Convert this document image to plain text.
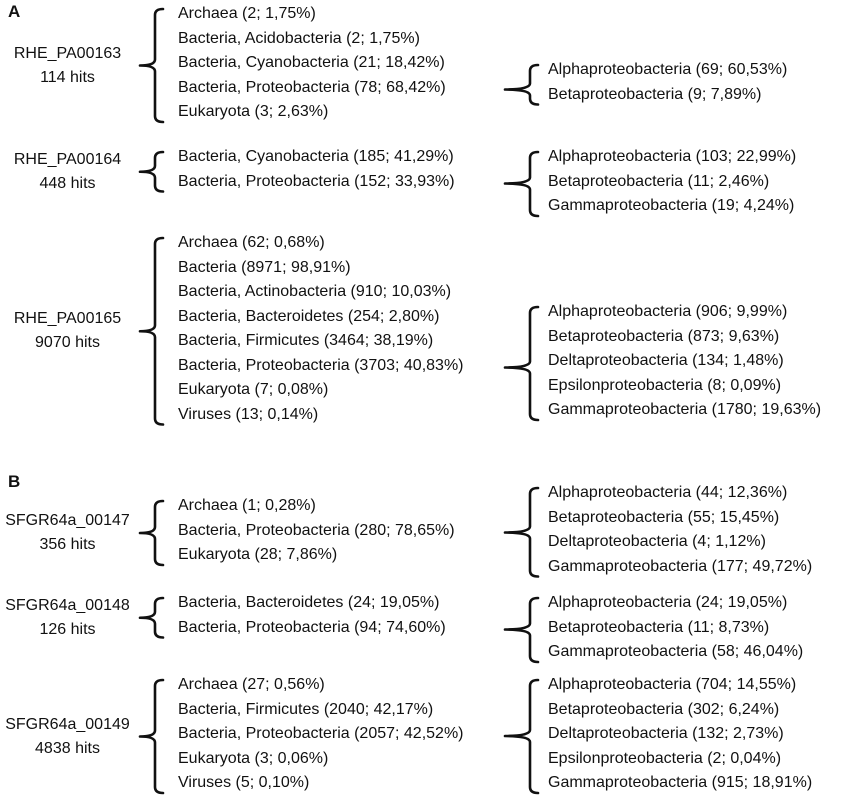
A	Archaea (2; 1,75%)
Bacteria, Acidobacteria (2; 1,75%)
Bacteria, Cyanobacteria (21; 18,42%)
Bacteria, Proteobacteria (78; 68,42%)
Eukaryota (3; 2,63%)
Alphaproteobacteria (69; 60,53%)
Betaproteobacteria (9; 7,89%)
RHE_PA00163
114 hits
Bacteria, Cyanobacteria (185; 41,29%)
Bacteria, Proteobacteria (152; 33,93%)
Alphaproteobacteria (103; 22,99%)
Betaproteobacteria (11; 2,46%)
Gammaproteobacteria (19; 4,24%)
RHE_PA00164
448 hits
Archaea (62; 0,68%)
Bacteria (8971; 98,91%)
Bacteria, Actinobacteria (910; 10,03%)
Bacteria, Bacteroidetes (254; 2,80%)
Bacteria, Firmicutes (3464; 38,19%)
Bacteria, Proteobacteria (3703; 40,83%)
Eukaryota (7; 0,08%)
Viruses (13; 0,14%)
Alphaproteobacteria (906; 9,99%)
Betaproteobacteria (873; 9,63%)
Deltaproteobacteria (134; 1,48%)
Epsilonproteobacteria (8; 0,09%)
Gammaproteobacteria (1780; 19,63%)
RHE_PA00165
9070 hits
B
Archaea (1; 0,28%)
Bacteria, Proteobacteria (280; 78,65%)
Eukaryota (28; 7,86%)
Alphaproteobacteria (44; 12,36%)
Betaproteobacteria (55; 15,45%)
Deltaproteobacteria (4; 1,12%)
Gammaproteobacteria (177; 49,72%)
SFGR64a_00147
356 hits
Bacteria, Bacteroidetes (24; 19,05%)
Bacteria, Proteobacteria (94; 74,60%)
Alphaproteobacteria (24; 19,05%)
Betaproteobacteria (11; 8,73%)
Gammaproteobacteria (58; 46,04%)
SFGR64a_00148
126 hits
Archaea (27; 0,56%)
Bacteria, Firmicutes (2040; 42,17%)
Bacteria, Proteobacteria (2057; 42,52%)
Eukaryota (3; 0,06%)
Viruses (5; 0,10%)
Alphaproteobacteria (704; 14,55%)
Betaproteobacteria (302; 6,24%)
Deltaproteobacteria (132; 2,73%)
Epsilonproteobacteria (2; 0,04%)
Gammaproteobacteria (915; 18,91%)
SFGR64a_00149
4838 hits
